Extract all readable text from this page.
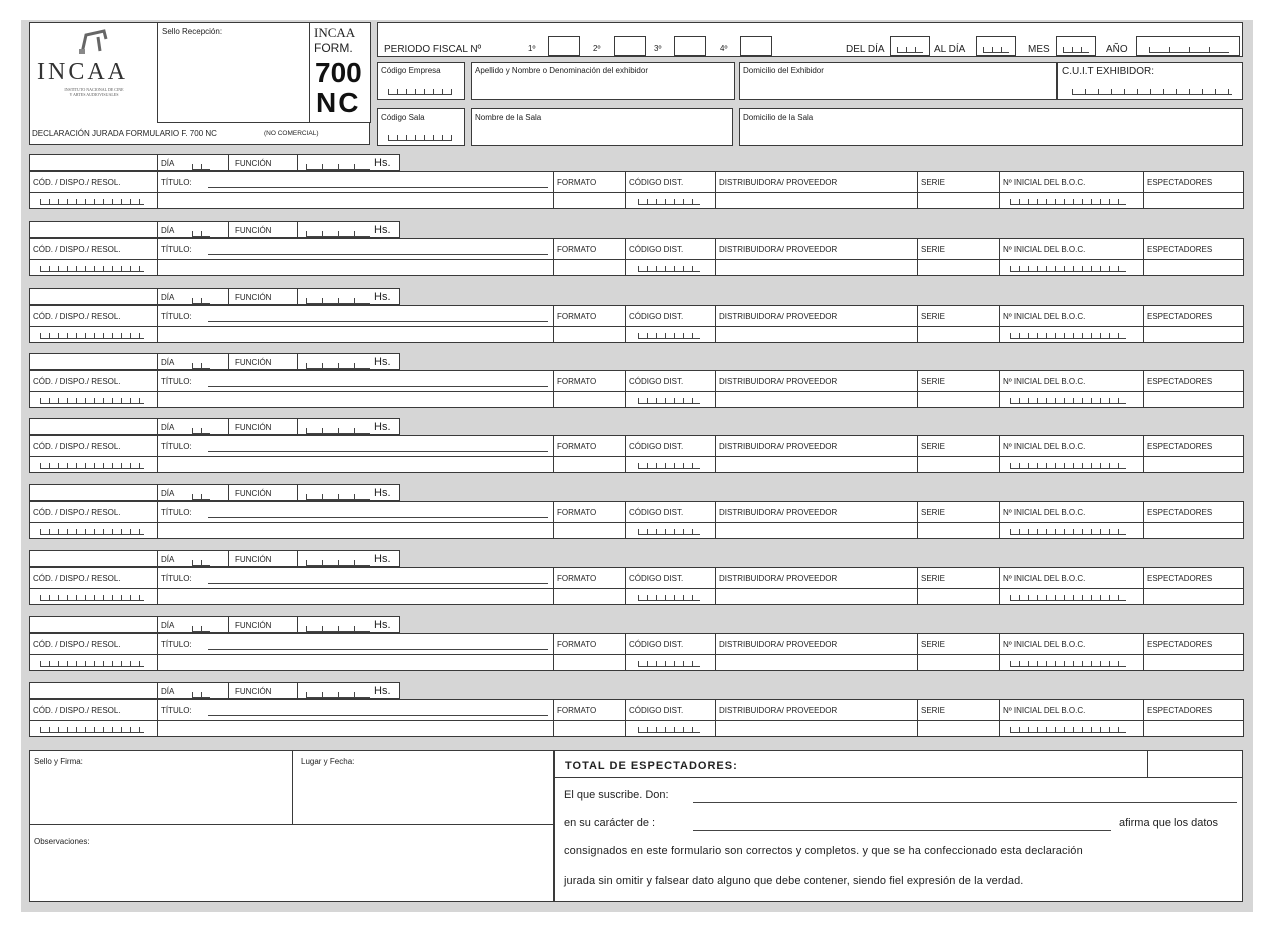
INCAA
INSTITUTO NACIONAL DE CINE
Y ARTES AUDIOVISUALES
DECLARACIÓN JURADA FORMULARIO F. 700 NC	(NO COMERCIAL)
Sello Recepción:	INCAA
FORM.
700
NC
PERIODO FISCAL Nº	1º	2º	3º	4º	DEL DÍA	AL DÍA	MES	AÑO
Código Empresa	Apellido y Nombre o Denominación del exhibidor	Domicilio del Exhibidor	C.U.I.T EXHIBIDOR:
Código Sala	Nombre de la Sala	Domicilio de la Sala
DÍA	FUNCIÓN	Hs.
CÓD. / DISPO./ RESOL.	TÍTULO:	FORMATO	CÓDIGO DIST.	DISTRIBUIDORA/ PROVEEDOR	SERIE	Nº INICIAL DEL B.O.C.	ESPECTADORES
DÍA	FUNCIÓN	Hs.
CÓD. / DISPO./ RESOL.	TÍTULO:	FORMATO	CÓDIGO DIST.	DISTRIBUIDORA/ PROVEEDOR	SERIE	Nº INICIAL DEL B.O.C.	ESPECTADORES
DÍA	FUNCIÓN	Hs.
CÓD. / DISPO./ RESOL.	TÍTULO:	FORMATO	CÓDIGO DIST.	DISTRIBUIDORA/ PROVEEDOR	SERIE	Nº INICIAL DEL B.O.C.	ESPECTADORES
DÍA	FUNCIÓN	Hs.
CÓD. / DISPO./ RESOL.	TÍTULO:	FORMATO	CÓDIGO DIST.	DISTRIBUIDORA/ PROVEEDOR	SERIE	Nº INICIAL DEL B.O.C.	ESPECTADORES
DÍA	FUNCIÓN	Hs.
CÓD. / DISPO./ RESOL.	TÍTULO:	FORMATO	CÓDIGO DIST.	DISTRIBUIDORA/ PROVEEDOR	SERIE	Nº INICIAL DEL B.O.C.	ESPECTADORES
DÍA	FUNCIÓN	Hs.
CÓD. / DISPO./ RESOL.	TÍTULO:	FORMATO	CÓDIGO DIST.	DISTRIBUIDORA/ PROVEEDOR	SERIE	Nº INICIAL DEL B.O.C.	ESPECTADORES
DÍA	FUNCIÓN	Hs.
CÓD. / DISPO./ RESOL.	TÍTULO:	FORMATO	CÓDIGO DIST.	DISTRIBUIDORA/ PROVEEDOR	SERIE	Nº INICIAL DEL B.O.C.	ESPECTADORES
DÍA	FUNCIÓN	Hs.
CÓD. / DISPO./ RESOL.	TÍTULO:	FORMATO	CÓDIGO DIST.	DISTRIBUIDORA/ PROVEEDOR	SERIE	Nº INICIAL DEL B.O.C.	ESPECTADORES
DÍA	FUNCIÓN	Hs.
CÓD. / DISPO./ RESOL.	TÍTULO:	FORMATO	CÓDIGO DIST.	DISTRIBUIDORA/ PROVEEDOR	SERIE	Nº INICIAL DEL B.O.C.	ESPECTADORES
Sello y Firma:	Lugar y Fecha:
Observaciones:
TOTAL DE ESPECTADORES:
El que suscribe. Don:
en su carácter de :	afirma que los datos
consignados en este formulario son correctos y completos. y que se ha confeccionado esta declaración
jurada sin omitir y falsear dato alguno que debe contener, siendo fiel expresión de la verdad.
